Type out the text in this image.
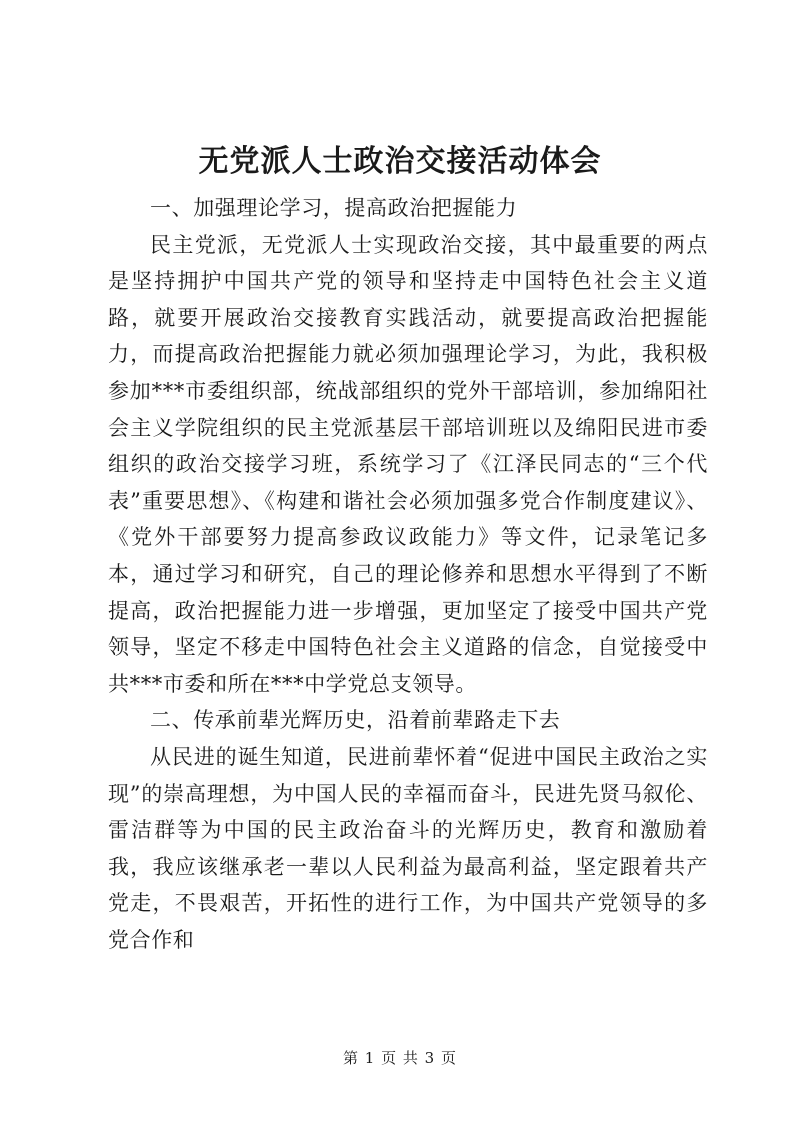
无党派人士政治交接活动体会

一、加强理论学习，提高政治把握能力

民主党派，无党派人士实现政治交接，其中最重要的两点是坚持拥护中国共产党的领导和坚持走中国特色社会主义道路，就要开展政治交接教育实践活动，就要提高政治把握能力，而提高政治把握能力就必须加强理论学习，为此，我积极参加***市委组织部，统战部组织的党外干部培训，参加绵阳社会主义学院组织的民主党派基层干部培训班以及绵阳民进市委组织的政治交接学习班，系统学习了《江泽民同志的“三个代表”重要思想》、《构建和谐社会必须加强多党合作制度建议》、《党外干部要努力提高参政议政能力》等文件，记录笔记多本，通过学习和研究，自己的理论修养和思想水平得到了不断提高，政治把握能力进一步增强，更加坚定了接受中国共产党领导，坚定不移走中国特色社会主义道路的信念，自觉接受中共***市委和所在***中学党总支领导。

二、传承前辈光辉历史，沿着前辈路走下去

从民进的诞生知道，民进前辈怀着“促进中国民主政治之实现”的崇高理想，为中国人民的幸福而奋斗，民进先贤马叙伦、雷洁群等为中国的民主政治奋斗的光辉历史，教育和激励着我，我应该继承老一辈以人民利益为最高利益，坚定跟着共产党走，不畏艰苦，开拓性的进行工作，为中国共产党领导的多党合作和

第 1 页 共 3 页
